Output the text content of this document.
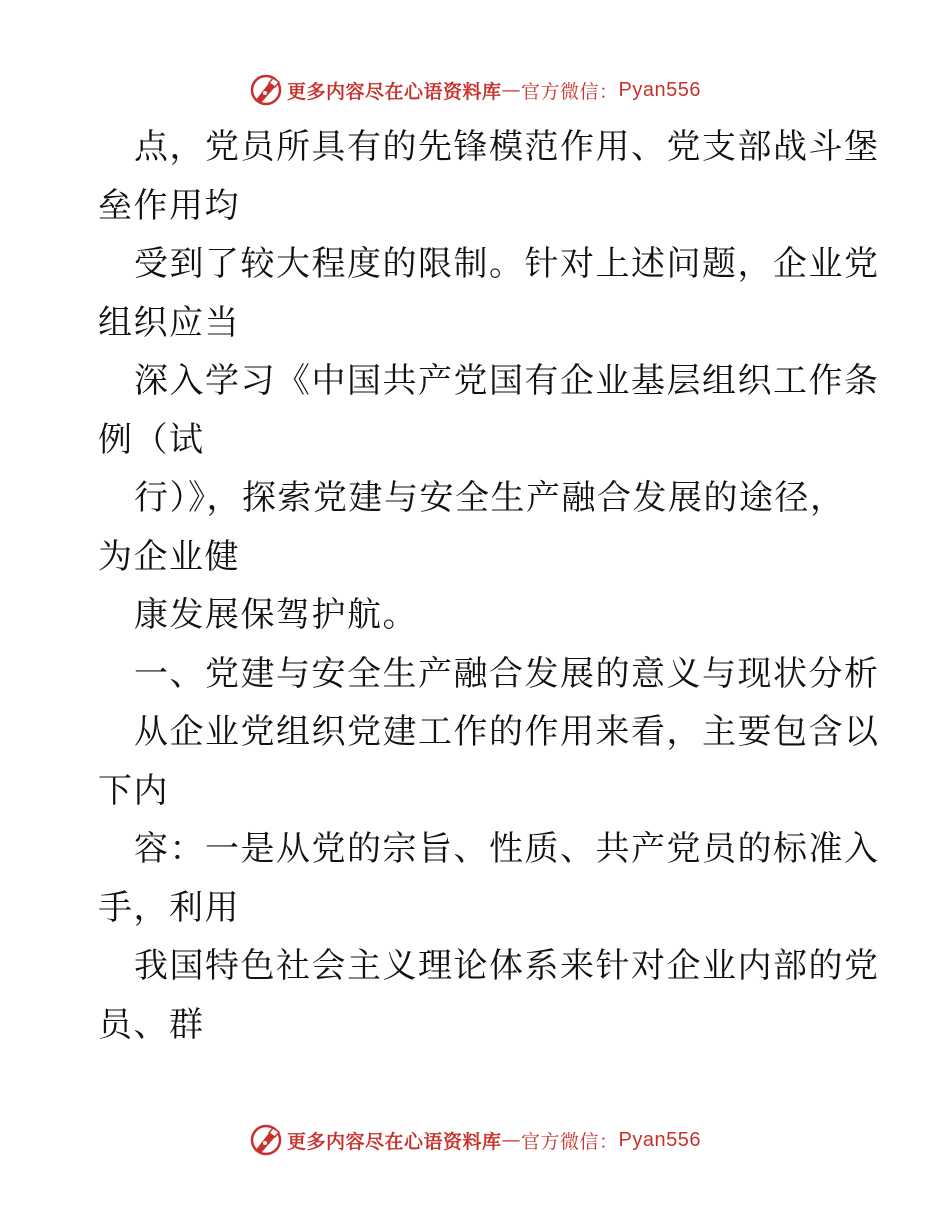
更多内容尽在心语资料库 — 官方微信： Pyan556
点，党员所具有的先锋模范作用、党支部战斗堡
垒作用均
受到了较大程度的限制。针对上述问题，企业党
组织应当
深入学习《中国共产党国有企业基层组织工作条
例（试
行）》，探索党建与安全生产融合发展的途径，
为企业健
康发展保驾护航。
一、党建与安全生产融合发展的意义与现状分析
从企业党组织党建工作的作用来看，主要包含以
下内
容：一是从党的宗旨、性质、共产党员的标准入
手，利用
我国特色社会主义理论体系来针对企业内部的党
员、群
更多内容尽在心语资料库 — 官方微信： Pyan556
